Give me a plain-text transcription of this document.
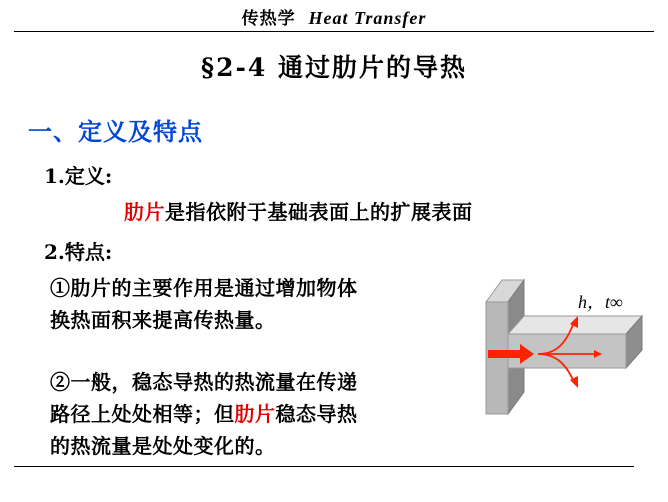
传热学 Heat Transfer
§2-4 通过肋片的导热
一、定义及特点
1.定义:
肋片是指依附于基础表面上的扩展表面
2.特点:
①肋片的主要作用是通过增加物体
换热面积来提高传热量。
②一般，稳态导热的热流量在传递
路径上处处相等；但肋片稳态导热
的热流量是处处变化的。
h，t∞
